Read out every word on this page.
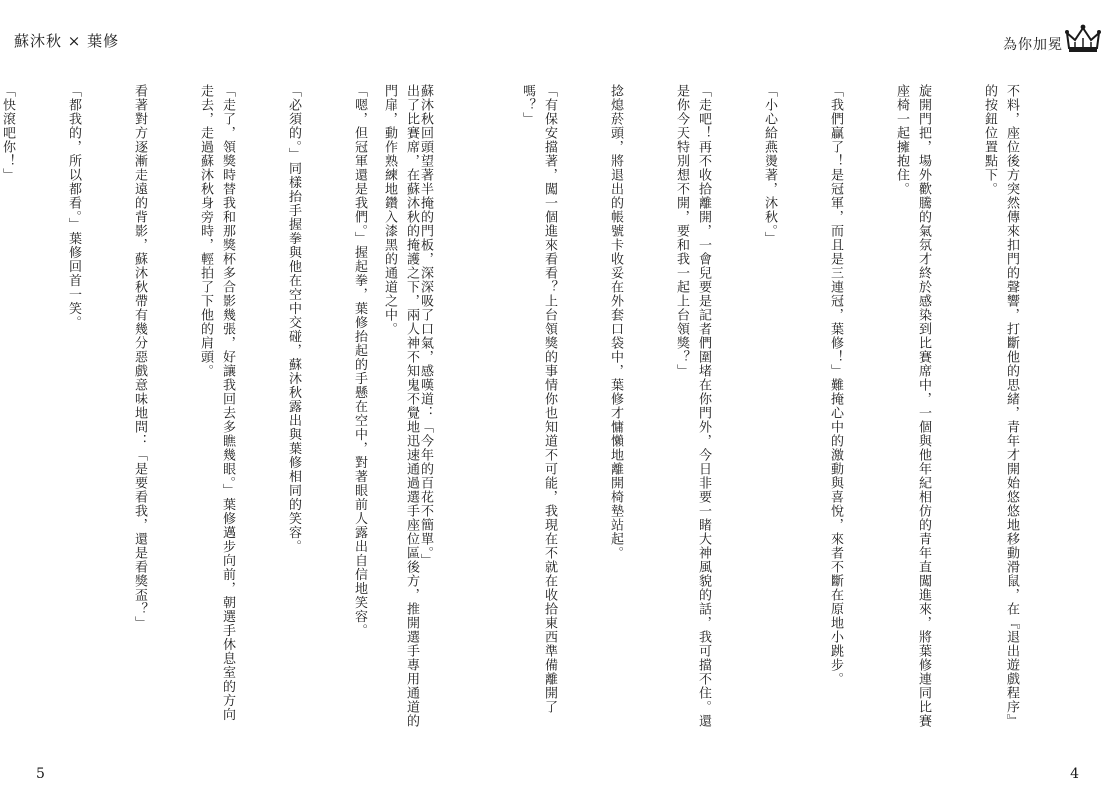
蘇沐秋 × 葉修	為你加冕

不料，座位後方突然傳來扣門的聲響，打斷他的思緒，青年才開始悠悠地移動滑鼠，在『退出遊戲程序』
的按鈕位置點下。

旋開門把，場外歡騰的氣氛才終於感染到比賽席中，一個與他年紀相仿的青年直闖進來，將葉修連同比賽
座椅一起擁抱住。

「我們贏了！是冠軍，而且是三連冠，葉修！」難掩心中的激動與喜悅，來者不斷在原地小跳步。

「小心給燕燙著，沐秋。」

「走吧！再不收拾離開，一會兒要是記者們圍堵在你門外，今日非要一睹大神風貌的話，我可擋不住。還
是你今天特別想不開，要和我一起上台領獎？」

捻熄菸頭，將退出的帳號卡收妥在外套口袋中，葉修才慵懶地離開椅墊站起。

「有保安擋著，闖一個進來看看？上台領獎的事情你也知道不可能，我現在不就在收拾東西準備離開了
嗎？」

出了比賽席，在蘇沐秋的掩護之下，兩人神不知鬼不覺地迅速通過選手座位區後方，推開選手專用通道的
門扉，動作熟練地鑽入漆黑的通道之中。

	蘇沐秋回頭望著半掩的門板，深深吸了口氣，感嘆道：「今年的百花不簡單。」

「嗯，但冠軍還是我們。」握起拳，葉修抬起的手懸在空中，對著眼前人露出自信地笑容。

「必須的。」同樣抬手握拳與他在空中交碰，蘇沐秋露出與葉修相同的笑容。

「走了，領獎時替我和那獎杯多合影幾張，好讓我回去多瞧幾眼。」葉修邁步向前，朝選手休息室的方向
走去，走過蘇沐秋身旁時，輕拍了下他的肩頭。

看著對方逐漸走遠的背影，蘇沐秋帶有幾分惡戲意味地問：「是要看我，還是看獎盃？」

「都我的，所以都看。」葉修回首一笑。

「快滾吧你！」

5	4
